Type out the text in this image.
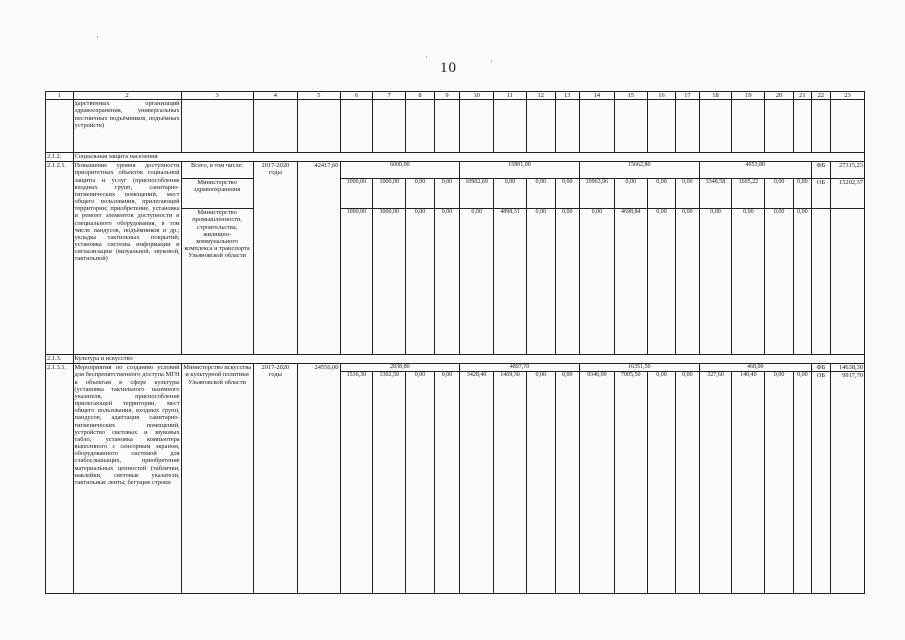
10
·
·	·
1	2	3	4	5	6	7	8	9	10	11	12	13	14	15	16	17	18	19	20	21	22	23
	дарственных организаций здравоохранения, универсальных пестничных подъёмников, подъёмных устройств)																					
2.1.2.	Социальная защита населения																					
2.1.2.1.	Повышение уровня доступности приоритетных объектов социальной защиты и услуг (приспособление входных групп, санитарно-гигиенических помещений, мест общего пользования, прилегающей территории; приобретение, установка и ремонт элементов доступности и специального оборудования, в том числе пандусов, подъёмников и др.; укладка тактильных покрытий; установка системы информации и сигнализации (визуальной, звуковой, тактильной)	Всего, в том числе:	2017-2020 годы	42417,60	6000,00				15801,00				15662,80				4953,80				ФБ	27315,23
		Министерство здравоохранения			1000,00	1000,00	0,00	0,00	10902,69	0,00	0,00	0,00	10963,96	0,00	0,00	0,00	3348,58	1605,22	0,00	0,00	ОБ	15202,37
		Министерство промышленности, строительства, жилищно-коммунального комплекса и транспорта Ульяновской области			1000,00	3000,00	0,00	0,00	0,00	4898,31	0,00	0,00	0,00	4698,84	0,00	0,00	0,00	0,00	0,00	0,00		
2.1.3.	Культура и искусство																					
2.1.3.1.	Мероприятия по созданию условий для беспрепятственного доступа МГН к объектам в сфере культуры (установка тактильного наземного указателя, приспособление прилегающей территории, мест общего пользования, входных групп, пандусов, адаптация санитарно-гигиенических помещений, устройство световых и звуковых табло, установка компьютера выполнного с сенсорным экраном, оборудованного системой для слабослышащих, приобретение материальных ценностей (таблички, наклейки, световые указатели, тактильные ленты, бегущие строки	Министерство искусства и культурной политики Ульяновской области	2017-2020 годы	24556,00	2838,80				4897,70				16351,50				468,00				ФБ	14638,30
					1536,30	1302,50	0,00	0,00	3428,40	1469,30	0,00	0,00	9346,00	7005,50	0,00	0,00	327,60	140,40	0,00	0,00	ОБ	9917,70
